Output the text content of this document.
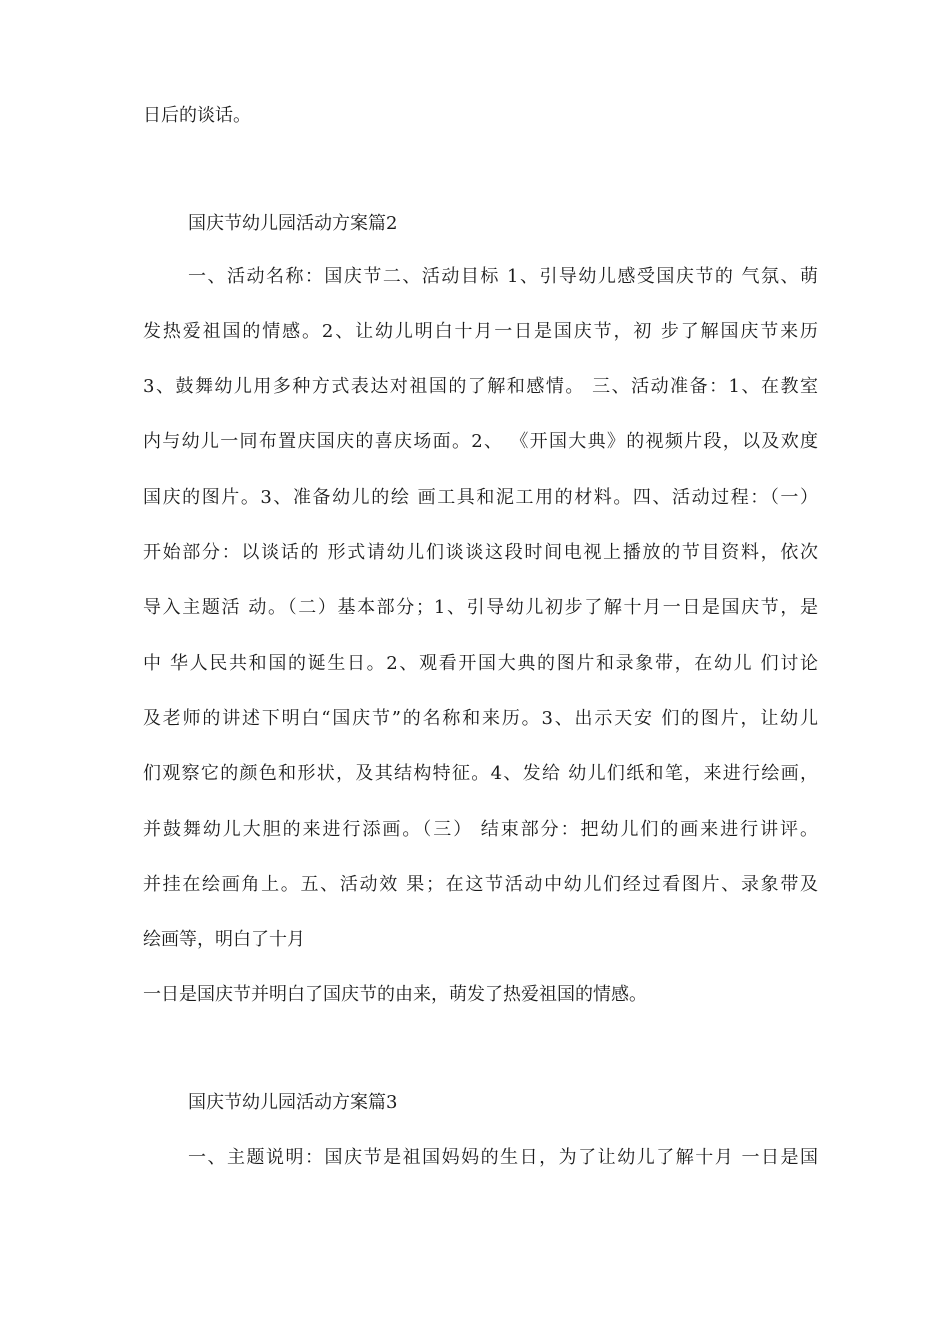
日后的谈话。
国庆节幼儿园活动方案篇2
一、活动名称：国庆节二、活动目标 1、引导幼儿感受国庆节的 气氛、萌
发热爱祖国的情感。2、让幼儿明白十月一日是国庆节，初 步了解国庆节来历
3、鼓舞幼儿用多种方式表达对祖国的了解和感情。 三、活动准备：1、在教室
内与幼儿一同布置庆国庆的喜庆场面。2、 《开国大典》的视频片段，以及欢度
国庆的图片。3、准备幼儿的绘 画工具和泥工用的材料。四、活动过程：（一）
开始部分：以谈话的 形式请幼儿们谈谈这段时间电视上播放的节目资料，依次
导入主题活 动。（二）基本部分；1、引导幼儿初步了解十月一日是国庆节，是
中 华人民共和国的诞生日。2、观看开国大典的图片和录象带，在幼儿 们讨论
及老师的讲述下明白“国庆节”的名称和来历。3、出示天安 们的图片，让幼儿
们观察它的颜色和形状，及其结构特征。4、发给 幼儿们纸和笔，来进行绘画，
并鼓舞幼儿大胆的来进行添画。（三） 结束部分：把幼儿们的画来进行讲评。
并挂在绘画角上。五、活动效 果；在这节活动中幼儿们经过看图片、录象带及
绘画等，明白了十月
一日是国庆节并明白了国庆节的由来，萌发了热爱祖国的情感。
国庆节幼儿园活动方案篇3
一、主题说明：国庆节是祖国妈妈的生日，为了让幼儿了解十月 一日是国
